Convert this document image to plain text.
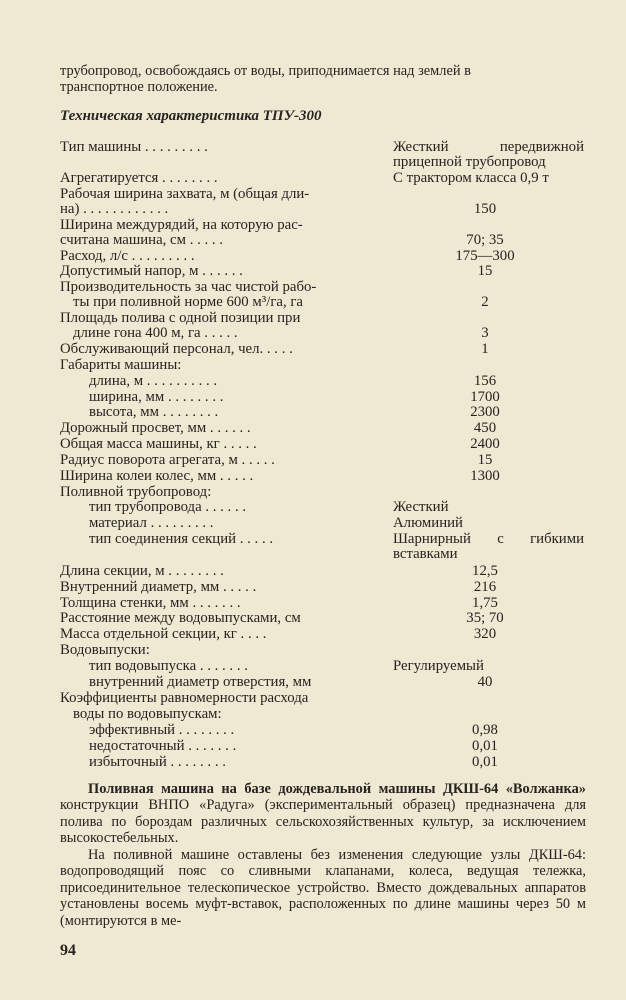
трубопровод, освобождаясь от воды, приподнимается над землей в
транспортное положение.

Техническая характеристика ТПУ-300
Тип машины . . . . . . . . .	Жесткий передвижной
прицепной трубопровод
Агрегатируется . . . . . . . .	С трактором класса 0,9 т
Рабочая ширина захвата, м (общая дли-
на) . . . . . . . . . . . .	150
Ширина междурядий, на которую рас-
считана машина, см . . . . .	70; 35
Расход, л/с . . . . . . . . .	175—300
Допустимый напор, м . . . . . .	15
Производительность за час чистой рабо-
ты при поливной норме 600 м³/га, га	2
Площадь полива с одной позиции при
длине гона 400 м, га . . . . .	3
Обслуживающий персонал, чел. . . . .	1
Габариты машины:
длина, м . . . . . . . . . .	156
ширина, мм . . . . . . . .	1700
высота, мм . . . . . . . .	2300
Дорожный просвет, мм . . . . . .	450
Общая масса машины, кг . . . . .	2400
Радиус поворота агрегата, м . . . . .	15
Ширина колеи колес, мм . . . . .	1300
Поливной трубопровод:
тип трубопровода . . . . . .	Жесткий
материал . . . . . . . . .	Алюминий
тип соединения секций . . . . .	Шарнирный с гибкими
вставками
Длина секции, м . . . . . . . .	12,5
Внутренний диаметр, мм . . . . .	216
Толщина стенки, мм . . . . . . .	1,75
Расстояние между водовыпусками, см	35; 70
Масса отдельной секции, кг . . . .	320
Водовыпуски:
тип водовыпуска . . . . . . .	Регулируемый
внутренний диаметр отверстия, мм	40
Коэффициенты равномерности расхода
воды по водовыпускам:
эффективный . . . . . . . .	0,98
недостаточный . . . . . . .	0,01
избыточный . . . . . . . .	0,01

Поливная машина на базе дождевальной машины ДКШ-64 «Волжанка» конструкции ВНПО «Радуга» (экспериментальный образец) предназначена для полива по бороздам различных сельскохозяйственных культур, за исключением высокостебельных.

На поливной машине оставлены без изменения следующие узлы ДКШ-64: водопроводящий пояс со сливными клапанами, колеса, ведущая тележка, присоединительное телескопическое устройство. Вместо дождевальных аппаратов установлены восемь муфт-вставок, расположенных по длине машины через 50 м (монтируются в ме-

94
